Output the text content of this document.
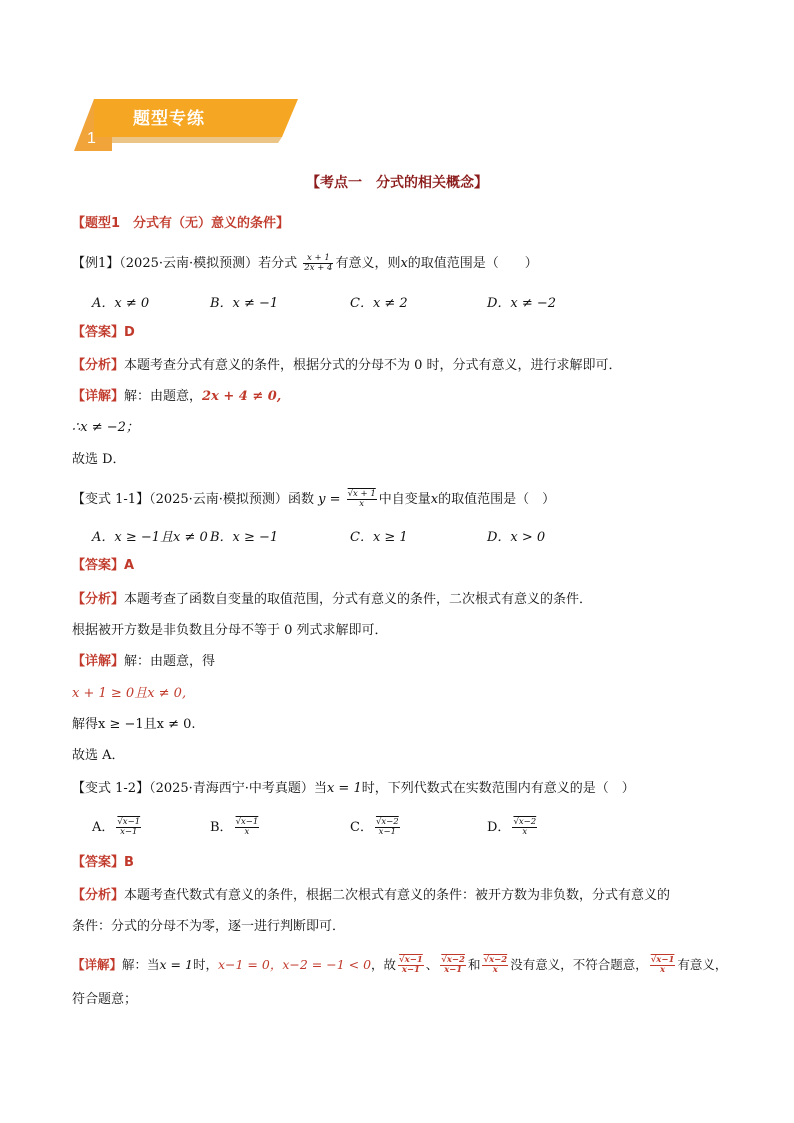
题型专练
1
【考点一　分式的相关概念】
【题型1　分式有（无）意义的条件】
【例1】（2025·云南·模拟预测）若分式 $\frac{x + 1}{2x + 4}$ 有意义，则x的取值范围是（　　）
A．x ≠ 0	B．x ≠ −1	C．x ≠ 2	D．x ≠ −2
【答案】D
【分析】本题考查分式有意义的条件，根据分式的分母不为 0 时，分式有意义，进行求解即可．
【详解】解：由题意，2x + 4 ≠ 0,
∴x ≠ −2；
故选 D．
【变式 1-1】（2025·云南·模拟预测）函数 $y = \frac{√x + 1}{x}$ 中自变量x的取值范围是（　）
A．x ≥ −1且x ≠ 0 B．x ≥ −1	C．x ≥ 1	D．x > 0
【答案】A
【分析】本题考查了函数自变量的取值范围，分式有意义的条件，二次根式有意义的条件．
根据被开方数是非负数且分母不等于 0 列式求解即可．
【详解】解：由题意，得
x + 1 ≥ 0且x ≠ 0,
解得x ≥ −1且x ≠ 0.
故选 A．
【变式 1-2】（2025·青海西宁·中考真题）当x = 1时，下列代数式在实数范围内有意义的是（　）
A． $\frac{√x-1}{x-1}$	B． $\frac{√x-1}{x}$	C． $\frac{√x-2}{x-1}$	D． $\frac{√x-2}{x}$
【答案】B
【分析】本题考查代数式有意义的条件，根据二次根式有意义的条件：被开方数为非负数，分式有意义的
条件：分式的分母不为零，逐一进行判断即可．
【详解】解：当x = 1时，x−1 = 0，x−2 = −1 < 0，故 $\frac{√x-1}{x-1}$ 、 $\frac{√x-2}{x-1}$ 和 $\frac{√x-2}{x}$ 没有意义，不符合题意， $\frac{√x-1}{x}$ 有意义，
符合题意；
